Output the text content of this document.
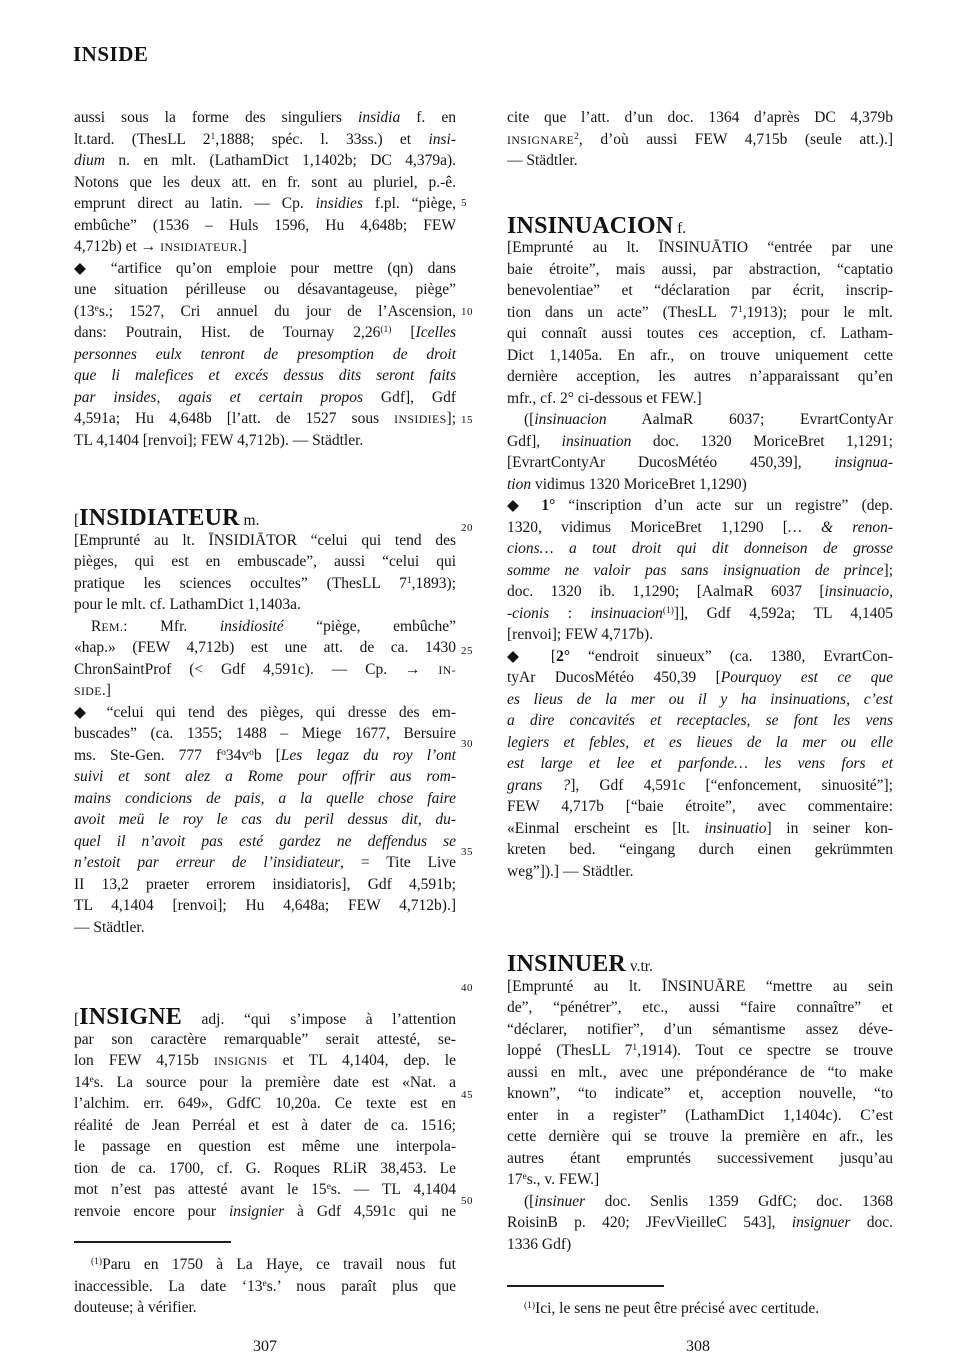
INSIDE
aussi sous la forme des singuliers insidia f. en
lt.tard. (ThesLL $2^1,1888$; spéc. l. 33ss.) et insi-
dium n. en mlt. (LathamDict 1,1402b; DC 4,379a).
Notons que les deux att. en fr. sont au pluriel, p.-ê.
emprunt direct au latin. — Cp. insidies f.pl. “piège,
embûche” (1536 – Huls 1596, Hu 4,648b; FEW
4,712b) et → INSIDIATEUR.]
◆ “artifice qu’on emploie pour mettre (qn) dans
une situation périlleuse ou désavantageuse, piège”
(13es.; 1527, Cri annuel du jour de l’Ascension,
dans: Poutrain, Hist. de Tournay 2,26$^{(1)}$ [Icelles
personnes eulx tenront de presomption de droit
que li malefices et excés dessus dits seront faits
par insides, agais et certain propos Gdf], Gdf
4,591a; Hu 4,648b [l’att. de 1527 sous INSIDIES];
TL 4,1404 [renvoi]; FEW 4,712b). — Städtler.
[INSIDIATEUR m.
[Emprunté au lt. ĪNSIDIĀTOR “celui qui tend des
pièges, qui est en embuscade”, aussi “celui qui
pratique les sciences occultes” (ThesLL $7^1,1893$);
pour le mlt. cf. LathamDict 1,1403a.
REM.: Mfr. insidiosité “piège, embûche”
«hap.» (FEW 4,712b) est une att. de ca. 1430
ChronSaintProf (< Gdf 4,591c). — Cp. → IN-
SIDE.]
◆ “celui qui tend des pièges, qui dresse des em-
buscades” (ca. 1355; 1488 – Miege 1677, Bersuire
ms. Ste-Gen. 777 $f^o34v^ob$ [Les legaz du roy l’ont
suivi et sont alez a Rome pour offrir aus rom-
mains condicions de pais, a la quelle chose faire
avoit meü le roy le cas du peril dessus dit, du-
quel il n’avoit pas esté gardez ne deffendus se
n’estoit par erreur de l’insidiateur, = Tite Live
II 13,2 praeter errorem insidiatoris], Gdf 4,591b;
TL 4,1404 [renvoi]; Hu 4,648a; FEW 4,712b).]
— Städtler.
[INSIGNE adj. “qui s’impose à l’attention
par son caractère remarquable” serait attesté, se-
lon FEW 4,715b INSIGNIS et TL 4,1404, dep. le
14es. La source pour la première date est «Nat. a
l’alchim. err. 649», GdfC 10,20a. Ce texte est en
réalité de Jean Perréal et est à dater de ca. 1516;
le passage en question est même une interpola-
tion de ca. 1700, cf. G. Roques RLiR 38,453. Le
mot n’est pas attesté avant le 15es. — TL 4,1404
renvoie encore pour insignier à Gdf 4,591c qui ne
$^{(1)}$Paru en 1750 à La Haye, ce travail nous fut
inaccessible. La date ‘13es.’ nous paraît plus que
douteuse; à vérifier.
cite que l’att. d’un doc. 1364 d’après DC 4,379b
INSIGNARE$^2$, d’où aussi FEW 4,715b (seule att.).]
— Städtler.
INSINUACION f.
[Emprunté au lt. ĪNSINUĀTIO “entrée par une
baie étroite”, mais aussi, par abstraction, “captatio
benevolentiae” et “déclaration par écrit, inscrip-
tion dans un acte” (ThesLL $7^1,1913$); pour le mlt.
qui connaît aussi toutes ces acception, cf. Latham-
Dict 1,1405a. En afr., on trouve uniquement cette
dernière acception, les autres n’apparaissant qu’en
mfr., cf. 2° ci-dessous et FEW.]
([insinuacion AalmaR 6037; EvrartContyAr
Gdf], insinuation doc. 1320 MoriceBret 1,1291;
[EvrartContyAr DucosMétéo 450,39], insignua-
tion vidimus 1320 MoriceBret 1,1290)
◆ 1° “inscription d’un acte sur un registre” (dep.
1320, vidimus MoriceBret 1,1290 [… & renon-
cions… a tout droit qui dit donneison de grosse
somme ne valoir pas sans insignuation de prince];
doc. 1320 ib. 1,1290; [AalmaR 6037 [insinuacio,
-cionis : insinuacion$^{(1)}$]], Gdf 4,592a; TL 4,1405
[renvoi]; FEW 4,717b).
◆ [2° “endroit sinueux” (ca. 1380, EvrartCon-
tyAr DucosMétéo 450,39 [Pourquoy est ce que
es lieus de la mer ou il y ha insinuations, c’est
a dire concavités et receptacles, se font les vens
legiers et febles, et es lieues de la mer ou elle
est large et lee et parfonde… les vens fors et
grans ?], Gdf 4,591c [“enfoncement, sinuosité”];
FEW 4,717b [“baie étroite”, avec commentaire:
«Einmal erscheint es [lt. insinuatio] in seiner kon-
kreten bed. “eingang durch einen gekrümmten
weg”]).] — Städtler.
INSINUER v.tr.
[Emprunté au lt. ĪNSINUĀRE “mettre au sein
de”, “pénétrer”, etc., aussi “faire connaître” et
“déclarer, notifier”, d’un sémantisme assez déve-
loppé (ThesLL $7^1,1914$). Tout ce spectre se trouve
aussi en mlt., avec une prépondérance de “to make
known”, “to indicate” et, acception nouvelle, “to
enter in a register” (LathamDict 1,1404c). C’est
cette dernière qui se trouve la première en afr., les
autres étant empruntés successivement jusqu’au
17es., v. FEW.]
([insinuer doc. Senlis 1359 GdfC; doc. 1368
RoisinB p. 420; JFevVieilleC 543], insignuer doc.
1336 Gdf)
$^{(1)}$Ici, le sens ne peut être précisé avec certitude.
5
10
15
20
25
30
35
40
45
50
307	308
